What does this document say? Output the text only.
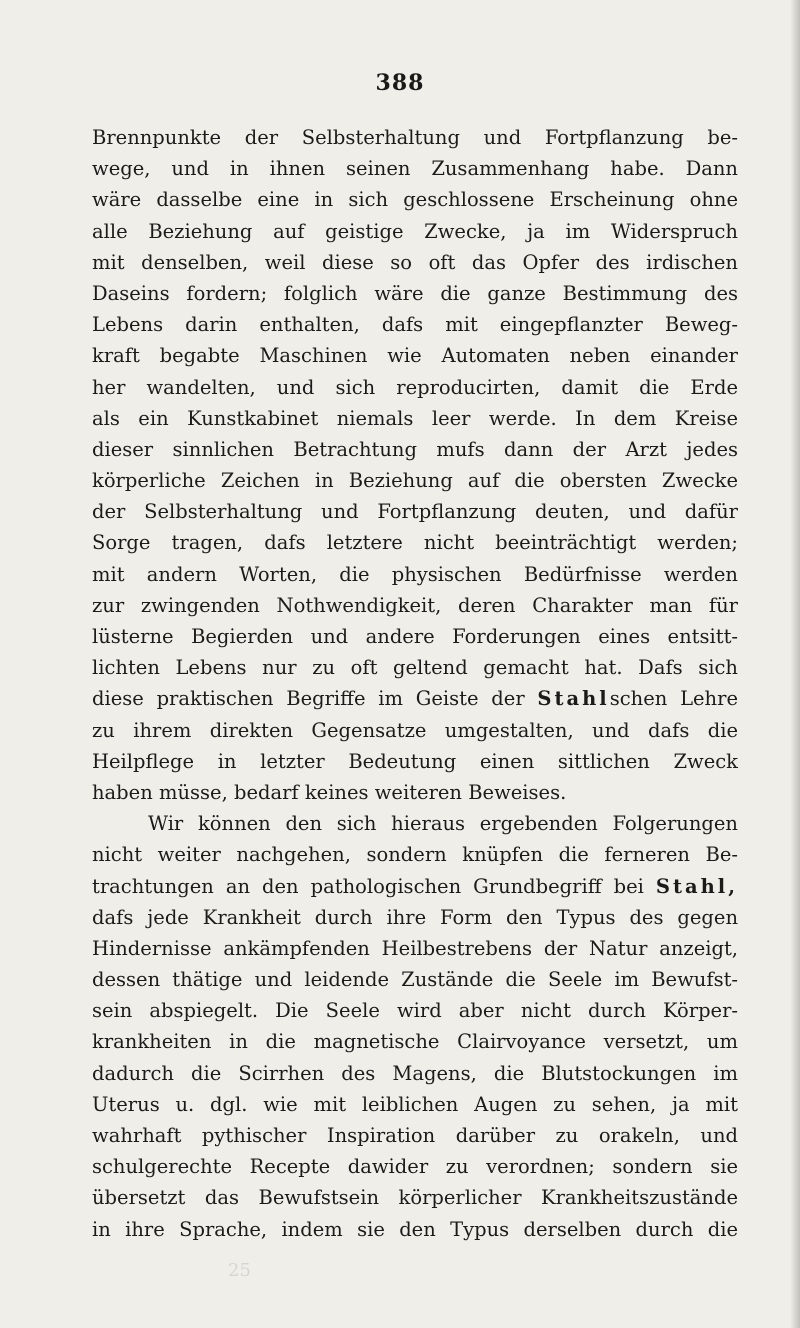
388
Brennpunkte der Selbsterhaltung und Fortpflanzung be-
wege, und in ihnen seinen Zusammenhang habe. Dann
wäre dasselbe eine in sich geschlossene Erscheinung ohne
alle Beziehung auf geistige Zwecke, ja im Widerspruch
mit denselben, weil diese so oft das Opfer des irdischen
Daseins fordern; folglich wäre die ganze Bestimmung des
Lebens darin enthalten, dafs mit eingepflanzter Beweg-
kraft begabte Maschinen wie Automaten neben einander
her wandelten, und sich reproducirten, damit die Erde
als ein Kunstkabinet niemals leer werde. In dem Kreise
dieser sinnlichen Betrachtung mufs dann der Arzt jedes
körperliche Zeichen in Beziehung auf die obersten Zwecke
der Selbsterhaltung und Fortpflanzung deuten, und dafür
Sorge tragen, dafs letztere nicht beeinträchtigt werden;
mit andern Worten, die physischen Bedürfnisse werden
zur zwingenden Nothwendigkeit, deren Charakter man für
lüsterne Begierden und andere Forderungen eines entsitt-
lichten Lebens nur zu oft geltend gemacht hat. Dafs sich
diese praktischen Begriffe im Geiste der Stahlschen Lehre
zu ihrem direkten Gegensatze umgestalten, und dafs die
Heilpflege in letzter Bedeutung einen sittlichen Zweck
haben müsse, bedarf keines weiteren Beweises.
Wir können den sich hieraus ergebenden Folgerungen
nicht weiter nachgehen, sondern knüpfen die ferneren Be-
trachtungen an den pathologischen Grundbegriff bei Stahl,
dafs jede Krankheit durch ihre Form den Typus des gegen
Hindernisse ankämpfenden Heilbestrebens der Natur anzeigt,
dessen thätige und leidende Zustände die Seele im Bewufst-
sein abspiegelt. Die Seele wird aber nicht durch Körper-
krankheiten in die magnetische Clairvoyance versetzt, um
dadurch die Scirrhen des Magens, die Blutstockungen im
Uterus u. dgl. wie mit leiblichen Augen zu sehen, ja mit
wahrhaft pythischer Inspiration darüber zu orakeln, und
schulgerechte Recepte dawider zu verordnen; sondern sie
übersetzt das Bewufstsein körperlicher Krankheitszustände
in ihre Sprache, indem sie den Typus derselben durch die
25
